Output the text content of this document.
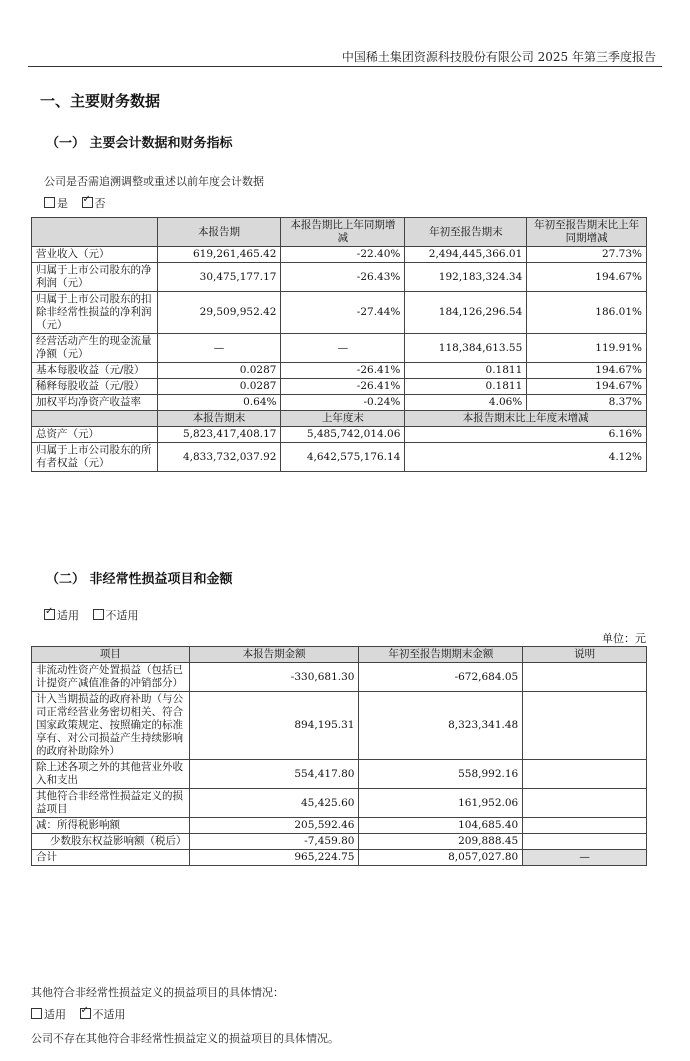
中国稀土集团资源科技股份有限公司 2025 年第三季度报告
一、主要财务数据
（一） 主要会计数据和财务指标
公司是否需追溯调整或重述以前年度会计数据
是 ✓ 否
	本报告期	本报告期比上年同期增减	年初至报告期末	年初至报告期末比上年同期增减
营业收入（元）	619,261,465.42	-22.40%	2,494,445,366.01	27.73%
归属于上市公司股东的净利润（元）	30,475,177.17	-26.43%	192,183,324.34	194.67%
归属于上市公司股东的扣除非经常性损益的净利润（元）	29,509,952.42	-27.44%	184,126,296.54	186.01%
经营活动产生的现金流量净额（元）	—	—	118,384,613.55	119.91%
基本每股收益（元/股）	0.0287	-26.41%	0.1811	194.67%
稀释每股收益（元/股）	0.0287	-26.41%	0.1811	194.67%
加权平均净资产收益率	0.64%	-0.24%	4.06%	8.37%
	本报告期末	上年度末	本报告期末比上年度末增减	
总资产（元）	5,823,417,408.17	5,485,742,014.06	6.16%	
归属于上市公司股东的所有者权益（元）	4,833,732,037.92	4,642,575,176.14	4.12%	
（二） 非经常性损益项目和金额
✓适用 不适用
单位：元
项目	本报告期金额	年初至报告期期末金额	说明
非流动性资产处置损益（包括已计提资产减值准备的冲销部分）	-330,681.30	-672,684.05	
计入当期损益的政府补助（与公司正常经营业务密切相关、符合国家政策规定、按照确定的标准享有、对公司损益产生持续影响的政府补助除外）	894,195.31	8,323,341.48	
除上述各项之外的其他营业外收入和支出	554,417.80	558,992.16	
其他符合非经常性损益定义的损益项目	45,425.60	161,952.06	
减：所得税影响额	205,592.46	104,685.40	
少数股东权益影响额（税后）	-7,459.80	209,888.45	
合计	965,224.75	8,057,027.80	—
其他符合非经常性损益定义的损益项目的具体情况：
适用 ✓ 不适用
公司不存在其他符合非经常性损益定义的损益项目的具体情况。
